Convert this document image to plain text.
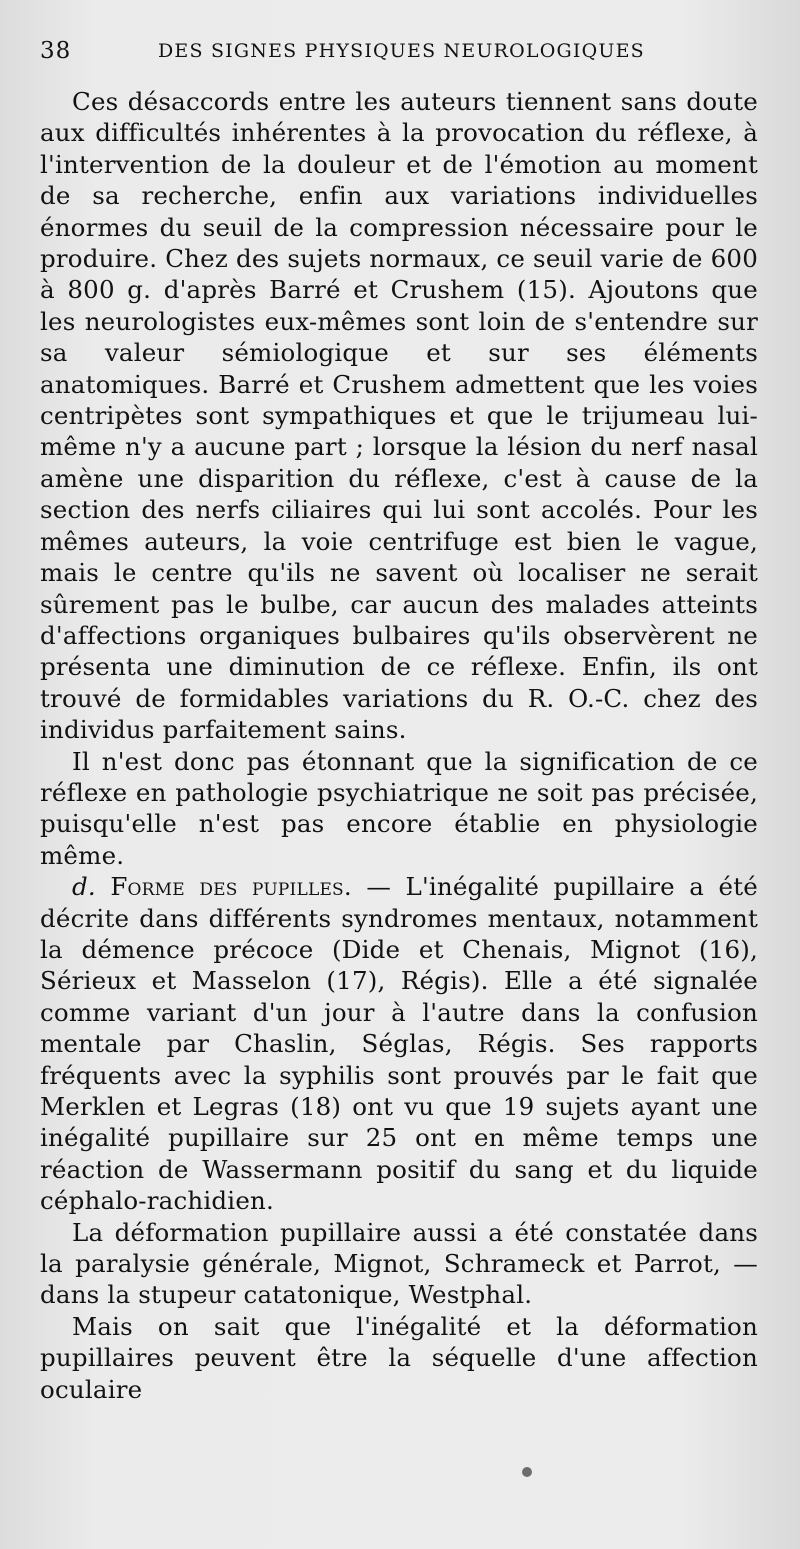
38	DES SIGNES PHYSIQUES NEUROLOGIQUES

Ces désaccords entre les auteurs tiennent sans doute aux difficultés inhérentes à la provocation du réflexe, à l'intervention de la douleur et de l'émotion au moment de sa recherche, enfin aux variations individuelles énormes du seuil de la compression nécessaire pour le produire. Chez des sujets normaux, ce seuil varie de 600 à 800 g. d'après Barré et Crushem (15). Ajoutons que les neurologistes eux-mêmes sont loin de s'entendre sur sa valeur sémiologique et sur ses éléments anatomiques. Barré et Crushem admettent que les voies centripètes sont sympathiques et que le trijumeau lui-même n'y a aucune part ; lorsque la lésion du nerf nasal amène une disparition du réflexe, c'est à cause de la section des nerfs ciliaires qui lui sont accolés. Pour les mêmes auteurs, la voie centrifuge est bien le vague, mais le centre qu'ils ne savent où localiser ne serait sûrement pas le bulbe, car aucun des malades atteints d'affections organiques bulbaires qu'ils observèrent ne présenta une diminution de ce réflexe. Enfin, ils ont trouvé de formidables variations du R. O.-C. chez des individus parfaitement sains.

Il n'est donc pas étonnant que la signification de ce réflexe en pathologie psychiatrique ne soit pas précisée, puisqu'elle n'est pas encore établie en physiologie même.

d. Forme des pupilles. — L'inégalité pupillaire a été décrite dans différents syndromes mentaux, notamment la démence précoce (Dide et Chenais, Mignot (16), Sérieux et Masselon (17), Régis). Elle a été signalée comme variant d'un jour à l'autre dans la confusion mentale par Chaslin, Séglas, Régis. Ses rapports fréquents avec la syphilis sont prouvés par le fait que Merklen et Legras (18) ont vu que 19 sujets ayant une inégalité pupillaire sur 25 ont en même temps une réaction de Wassermann positif du sang et du liquide céphalo-rachidien.

La déformation pupillaire aussi a été constatée dans la paralysie générale, Mignot, Schrameck et Parrot, — dans la stupeur catatonique, Westphal.

Mais on sait que l'inégalité et la déformation pupillaires peuvent être la séquelle d'une affection oculaire
